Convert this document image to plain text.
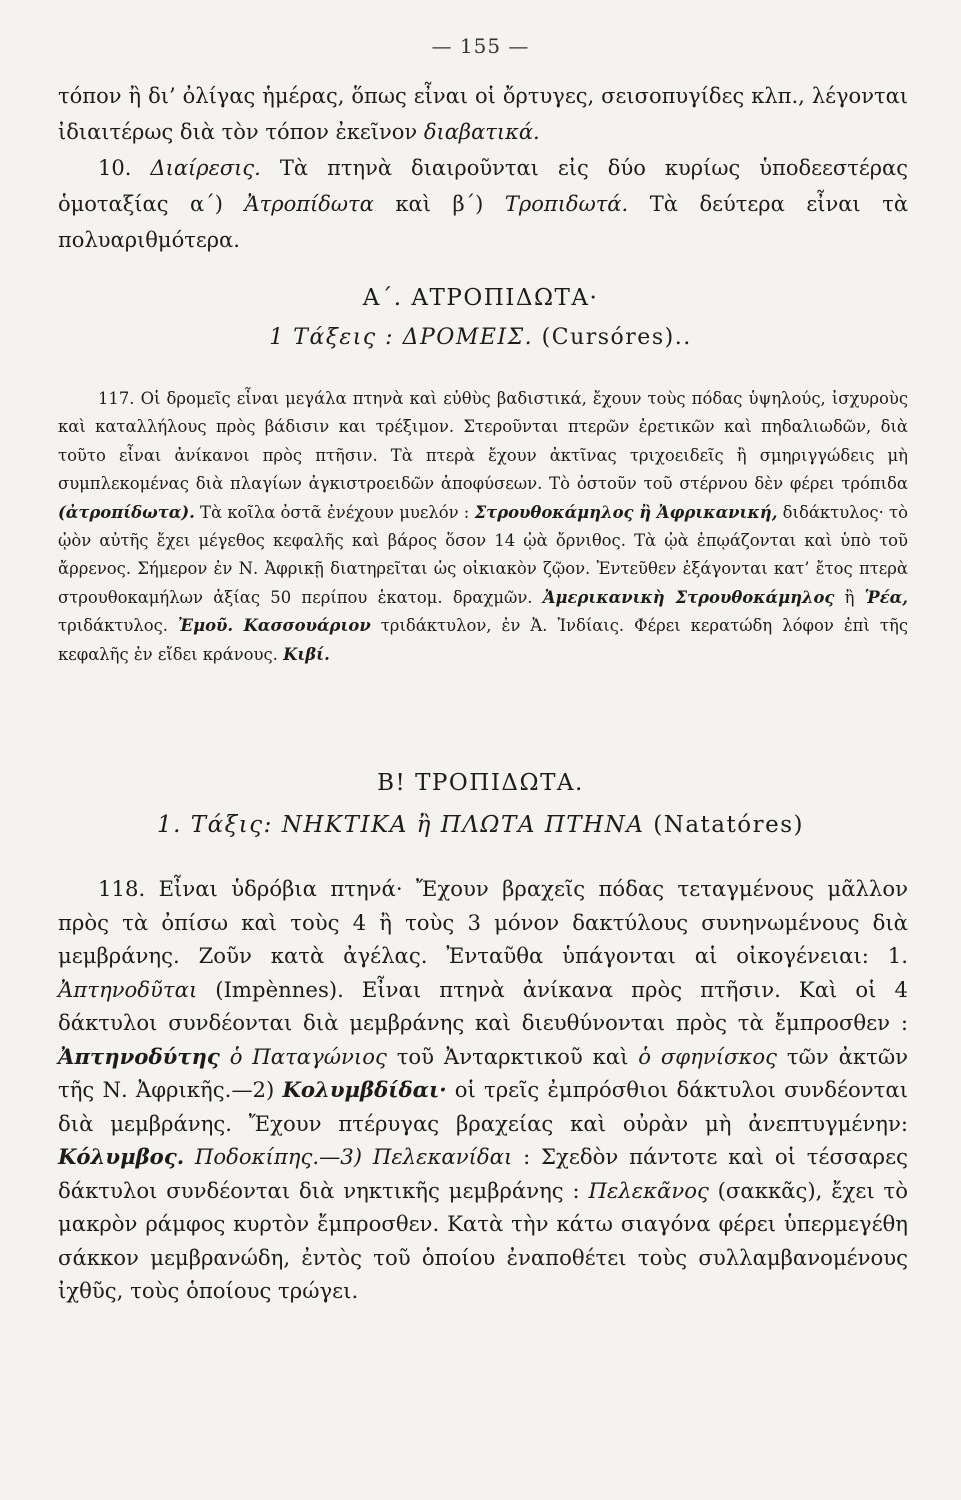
— 155 —

τόπον ἢ δι’ ὀλίγας ἡμέρας, ὅπως εἶναι οἱ ὄρτυγες, σεισοπυγίδες κλπ., λέγονται ἰδιαιτέρως διὰ τὸν τόπον ἐκεῖνον διαβατικά.

10. Διαίρεσις. Τὰ πτηνὰ διαιροῦνται εἰς δύο κυρίως ὑποδεεστέρας ὁμοταξίας α΄) Ἀτροπίδωτα καὶ β΄) Τροπιδωτά. Τὰ δεύτερα εἶναι τὰ πολυαριθμότερα.

Α΄. ΑΤΡΟΠΙΔΩΤΑ·
1 Τάξεις : ΔΡΟΜΕΙΣ. (Cursóres)..

117. Οἱ δρομεῖς εἶναι μεγάλα πτηνὰ καὶ εὐθὺς βαδιστικά, ἔχουν τοὺς πόδας ὑψηλούς, ἰσχυροὺς καὶ καταλλήλους πρὸς βάδισιν και τρέξιμον. Στεροῦνται πτερῶν ἐρετικῶν καὶ πηδαλιωδῶν, διὰ τοῦτο εἶναι ἀνίκανοι πρὸς πτῆσιν. Τὰ πτερὰ ἔχουν ἀκτῖνας τριχοειδεῖς ἢ σμηριγγώδεις μὴ συμπλεκομένας διὰ πλαγίων ἀγκιστροειδῶν ἀποφύσεων. Τὸ ὀστοῦν τοῦ στέρνου δὲν φέρει τρόπιδα (ἀτροπίδωτα). Τὰ κοῖλα ὀστᾶ ἐνέχουν μυελόν : Στρουθοκάμηλος ἢ Ἀφρικανική, διδάκτυλος· τὸ ᾠὸν αὐτῆς ἔχει μέγεθος κεφαλῆς καὶ βάρος ὅσον 14 ᾠὰ ὄρνιθος. Τὰ ᾠὰ ἐπῳάζονται καὶ ὑπὸ τοῦ ἄρρενος. Σήμερον ἐν Ν. Ἀφρικῇ διατηρεῖται ὡς οἰκιακὸν ζῷον. Ἐντεῦθεν ἐξάγονται κατ’ ἔτος πτερὰ στρουθοκαμήλων ἀξίας 50 περίπου ἑκατομ. δραχμῶν. Ἀμερικανικὴ Στρουθοκάμηλος ἢ Ῥέα, τριδάκτυλος. Ἐμοῦ. Κασσουάριον τριδάκτυλον, ἐν Ἀ. Ἰνδίαις. Φέρει κερατώδη λόφον ἐπὶ τῆς κεφαλῆς ἐν εἴδει κράνους. Κιβί.

Β! ΤΡΟΠΙΔΩΤΑ.
1. Τάξις: ΝΗΚΤΙΚΑ ἢ ΠΛΩΤΑ ΠΤΗΝΑ (Natatóres)

118. Εἶναι ὑδρόβια πτηνά· Ἔχουν βραχεῖς πόδας τεταγμένους μᾶλλον πρὸς τὰ ὀπίσω καὶ τοὺς 4 ἢ τοὺς 3 μόνον δακτύλους συνηνωμένους διὰ μεμβράνης. Ζοῦν κατὰ ἀγέλας. Ἐνταῦθα ὑπάγονται αἱ οἰκογένειαι: 1. Ἀπτηνοδῦται (Impènnes). Εἶναι πτηνὰ ἀνίκανα πρὸς πτῆσιν. Καὶ οἱ 4 δάκτυλοι συνδέονται διὰ μεμβράνης καὶ διευθύνονται πρὸς τὰ ἔμπροσθεν : Ἀπτηνοδύτης ὁ Παταγώνιος τοῦ Ἀνταρκτικοῦ καὶ ὁ σφηνίσκος τῶν ἀκτῶν τῆς Ν. Ἀφρικῆς.—2) Κολυμβδίδαι· οἱ τρεῖς ἐμπρόσθιοι δάκτυλοι συνδέονται διὰ μεμβράνης. Ἔχουν πτέρυγας βραχείας καὶ οὐρὰν μὴ ἀνεπτυγμένην: Κόλυμβος. Ποδοκίπης.—3) Πελεκανίδαι : Σχεδὸν πάντοτε καὶ οἱ τέσσαρες δάκτυλοι συνδέονται διὰ νηκτικῆς μεμβράνης : Πελεκᾶνος (σακκᾶς), ἔχει τὸ μακρὸν ράμφος κυρτὸν ἔμπροσθεν. Κατὰ τὴν κάτω σιαγόνα φέρει ὑπερμεγέθη σάκκον μεμβρανώδη, ἐντὸς τοῦ ὁποίου ἐναποθέτει τοὺς συλλαμβανομένους ἰχθῦς, τοὺς ὁποίους τρώγει.
